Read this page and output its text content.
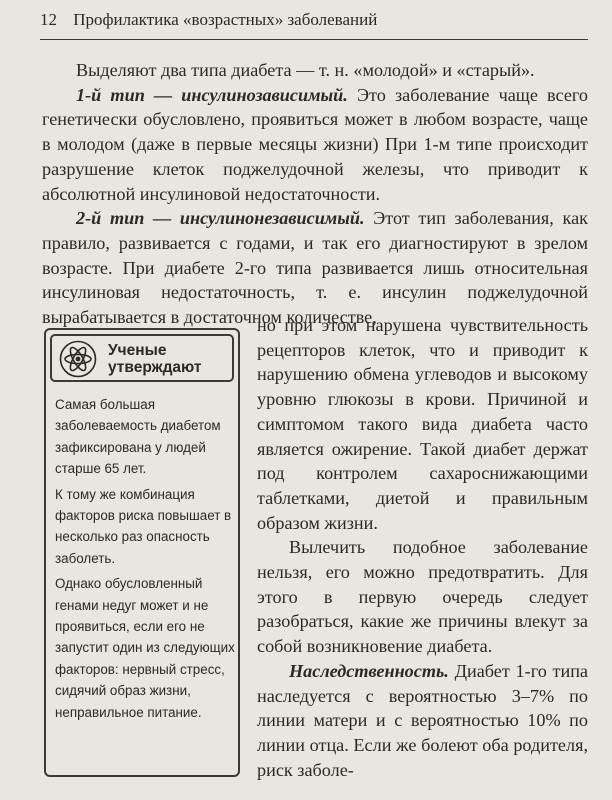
12 Профилактика «возрастных» заболеваний

Выделяют два типа диабета — т. н. «молодой» и «старый».

1-й тип — инсулинозависимый. Это заболевание чаще всего генетически обусловлено, проявиться может в любом возрасте, чаще в молодом (даже в первые месяцы жизни) При 1-м типе происходит разрушение клеток поджелудочной железы, что приводит к абсолютной инсулиновой недостаточности.

2-й тип — инсулинонезависимый. Этот тип заболевания, как правило, развивается с годами, и так его диагностируют в зрелом возрасте. При диабете 2-го типа развивается лишь относительная инсулиновая недостаточность, т. е. инсулин поджелудочной вырабатывается в достаточном количестве,

но при этом нарушена чувствительность рецепторов клеток, что и приводит к нарушению обмена углеводов и высокому уровню глюкозы в крови. Причиной и симптомом такого вида диабета часто является ожирение. Такой диабет держат под контролем сахароснижающими таблетками, диетой и правильным образом жизни.

Вылечить подобное заболевание нельзя, его можно предотвратить. Для этого в первую очередь следует разобраться, какие же причины влекут за собой возникновение диабета.

Наследственность. Диабет 1-го типа наследуется с вероятностью 3–7% по линии матери и с вероятностью 10% по линии отца. Если же болеют оба родителя, риск заболе-

Ученые
утверждают

Самая большая заболеваемость диабетом зафиксирована у людей старше 65 лет.

К тому же комбинация факторов риска повышает в несколько раз опасность заболеть.

Однако обусловленный генами недуг может и не проявиться, если его не запустит один из следующих факторов: нервный стресс, сидячий образ жизни, неправильное питание.
